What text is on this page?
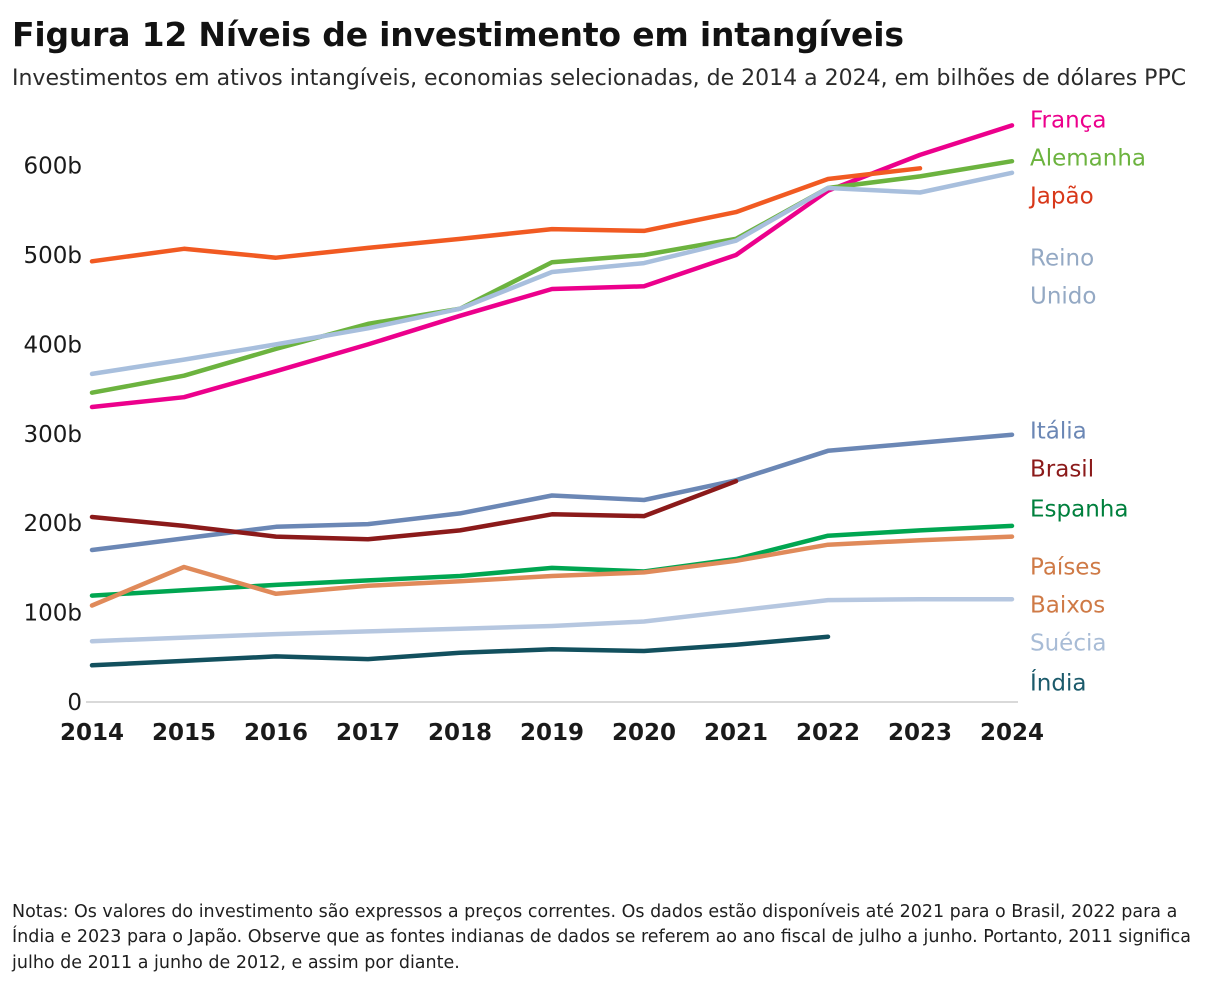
Figura 12 Níveis de investimento em intangíveis
Investimentos em ativos intangíveis, economias selecionadas, de 2014 a 2024, em bilhões de dólares PPC
0
100b
200b
300b
400b
500b
600b
2014 2015 2016 2017 2018 2019 2020 2021 2022 2023 2024
França
Alemanha
Japão
Reino
Unido
Itália
Brasil
Espanha
Países
Baixos
Suécia
Índia
Notas: Os valores do investimento são expressos a preços correntes. Os dados estão disponíveis até 2021 para o Brasil, 2022 para a Índia e 2023 para o Japão. Observe que as fontes indianas de dados se referem ao ano fiscal de julho a junho. Portanto, 2011 significa julho de 2011 a junho de 2012, e assim por diante.
